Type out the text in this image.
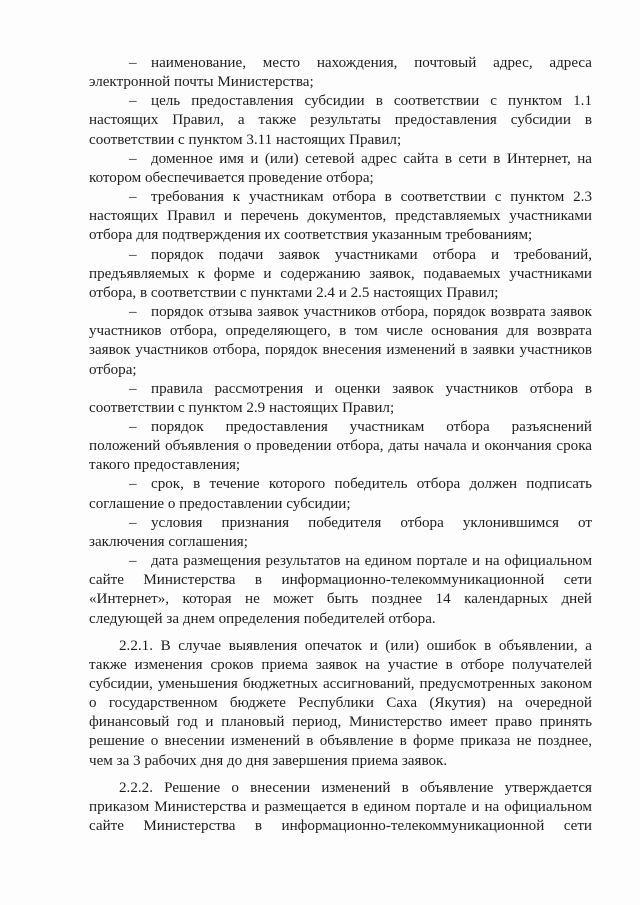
– наименование, место нахождения, почтовый адрес, адреса электронной почты Министерства;

– цель предоставления субсидии в соответствии с пунктом 1.1 настоящих Правил, а также результаты предоставления субсидии в соответствии с пунктом 3.11 настоящих Правил;

– доменное имя и (или) сетевой адрес сайта в сети в Интернет, на котором обеспечивается проведение отбора;

– требования к участникам отбора в соответствии с пунктом 2.3 настоящих Правил и перечень документов, представляемых участниками отбора для подтверждения их соответствия указанным требованиям;

– порядок подачи заявок участниками отбора и требований, предъявляемых к форме и содержанию заявок, подаваемых участниками отбора, в соответствии с пунктами 2.4 и 2.5 настоящих Правил;

– порядок отзыва заявок участников отбора, порядок возврата заявок участников отбора, определяющего, в том числе основания для возврата заявок участников отбора, порядок внесения изменений в заявки участников отбора;

– правила рассмотрения и оценки заявок участников отбора в соответствии с пунктом 2.9 настоящих Правил;

– порядок предоставления участникам отбора разъяснений положений объявления о проведении отбора, даты начала и окончания срока такого предоставления;

– срок, в течение которого победитель отбора должен подписать соглашение о предоставлении субсидии;

– условия признания победителя отбора уклонившимся от заключения соглашения;

– дата размещения результатов на едином портале и на официальном сайте Министерства в информационно-телекоммуникационной сети «Интернет», которая не может быть позднее 14 календарных дней следующей за днем определения победителей отбора.

2.2.1. В случае выявления опечаток и (или) ошибок в объявлении, а также изменения сроков приема заявок на участие в отборе получателей субсидии, уменьшения бюджетных ассигнований, предусмотренных законом о государственном бюджете Республики Саха (Якутия) на очередной финансовый год и плановый период, Министерство имеет право принять решение о внесении изменений в объявление в форме приказа не позднее, чем за 3 рабочих дня до дня завершения приема заявок.

2.2.2. Решение о внесении изменений в объявление утверждается приказом Министерства и размещается в едином портале и на официальном сайте Министерства в информационно-телекоммуникационной сети
